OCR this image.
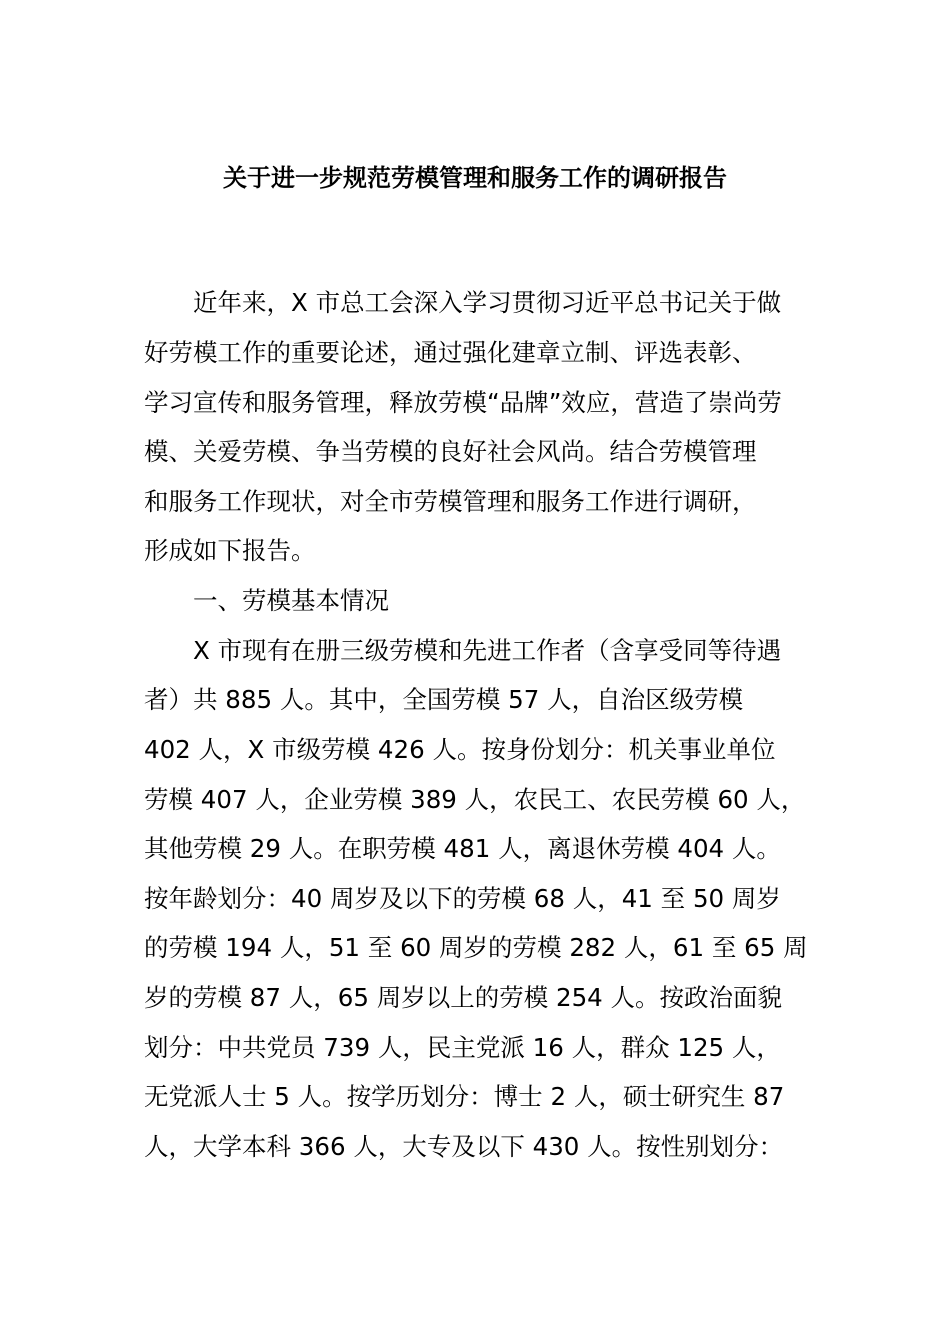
关于进一步规范劳模管理和服务工作的调研报告
　　近年来，X 市总工会深入学习贯彻习近平总书记关于做
好劳模工作的重要论述，通过强化建章立制、评选表彰、
学习宣传和服务管理，释放劳模“品牌”效应，营造了崇尚劳
模、关爱劳模、争当劳模的良好社会风尚。结合劳模管理
和服务工作现状，对全市劳模管理和服务工作进行调研，
形成如下报告。
　　一、劳模基本情况
　　X 市现有在册三级劳模和先进工作者（含享受同等待遇
者）共 885 人。其中，全国劳模 57 人，自治区级劳模
402 人，X 市级劳模 426 人。按身份划分：机关事业单位
劳模 407 人，企业劳模 389 人，农民工、农民劳模 60 人，
其他劳模 29 人。在职劳模 481 人，离退休劳模 404 人。
按年龄划分：40 周岁及以下的劳模 68 人，41 至 50 周岁
的劳模 194 人，51 至 60 周岁的劳模 282 人，61 至 65 周
岁的劳模 87 人，65 周岁以上的劳模 254 人。按政治面貌
划分：中共党员 739 人，民主党派 16 人，群众 125 人，
无党派人士 5 人。按学历划分：博士 2 人，硕士研究生 87
人，大学本科 366 人，大专及以下 430 人。按性别划分：
